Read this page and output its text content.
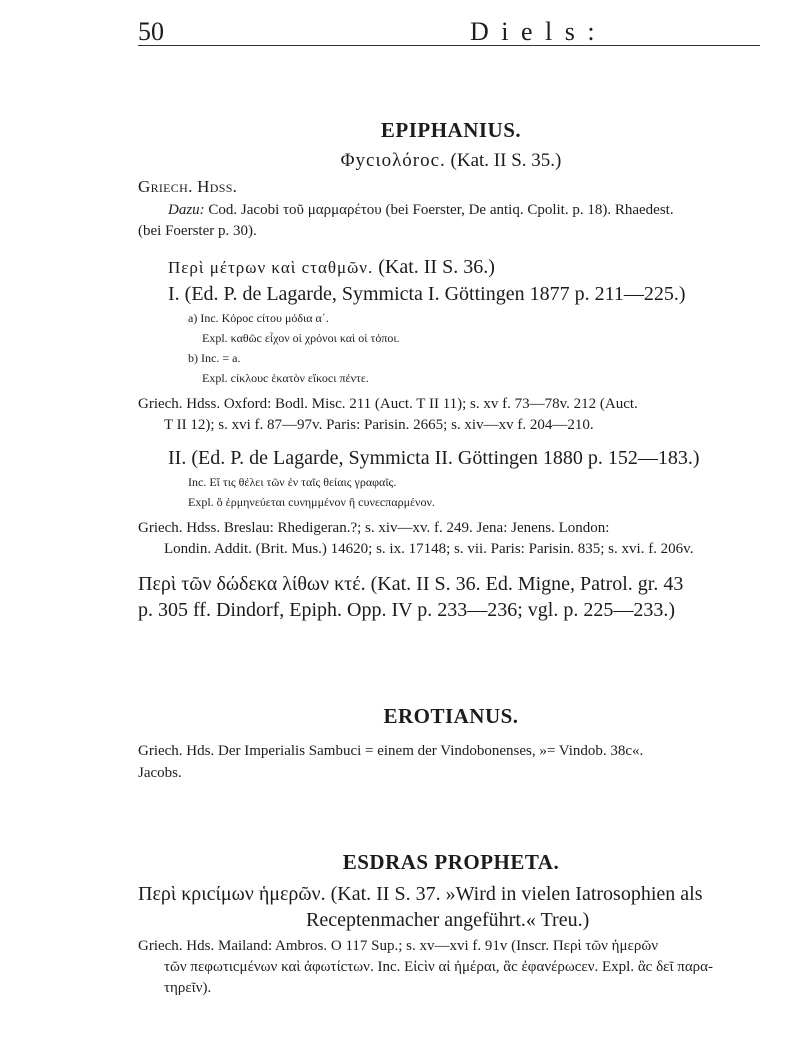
50	D i e l s :
EPIPHANIUS.
Φycιολόroc. (Kat. II S. 35.)
Griech. Hdss.
Dazu: Cod. Jacobi τοῦ μαρμαρέτου (bei Foerster, De antiq. Cpolit. p. 18). Rhaedest.
(bei Foerster p. 30).
Περὶ μέτρων καὶ cταθμῶν. (Kat. II S. 36.)
I. (Ed. P. de Lagarde, Symmicta I. Göttingen 1877 p. 211—225.)
a) Inc. Κόροc cίτου μόδια α΄.
Expl. καθῶc εἶχον οἱ χρόνοι καὶ οἱ τόποι.
b) Inc. = a.
Expl. cίκλουc ἑκατὸν εἴκοcι πέντε.
Griech. Hdss. Oxford: Bodl. Misc. 211 (Auct. T II 11); s. xv f. 73—78v. 212 (Auct.
T II 12); s. xvi f. 87—97v. Paris: Parisin. 2665; s. xiv—xv f. 204—210.
II. (Ed. P. de Lagarde, Symmicta II. Göttingen 1880 p. 152—183.)
Inc. Εἴ τις θέλει τῶν ἐν ταῖς θείαις γραφαῖς.
Expl. ὃ ἑρμηνεύεται cυνημμένον ἢ cυνεcπαρμένον.
Griech. Hdss. Breslau: Rhedigeran.?; s. xiv—xv. f. 249. Jena: Jenens. London:
Londin. Addit. (Brit. Mus.) 14620; s. ix. 17148; s. vii. Paris: Parisin. 835; s. xvi. f. 206v.
Περὶ τῶν δώδεκα λίθων κτέ. (Kat. II S. 36. Ed. Migne, Patrol. gr. 43
p. 305 ff. Dindorf, Epiph. Opp. IV p. 233—236; vgl. p. 225—233.)
EROTIANUS.
Griech. Hds. Der Imperialis Sambuci = einem der Vindobonenses, »= Vindob. 38c«.
Jacobs.
ESDRAS PROPHETA.
Περὶ κριcίμων ἡμερῶν. (Kat. II S. 37. »Wird in vielen Iatrosophien als
Receptenmacher angeführt.« Treu.)
Griech. Hds. Mailand: Ambros. O 117 Sup.; s. xv—xvi f. 91v (Inscr. Περὶ τῶν ἡμερῶν
τῶν πεφωτιcμένων καὶ ἀφωτίcτων. Inc. Εἰcὶν αἱ ἡμέραι, ἃc ἐφανέρωcεν. Expl. ἃc δεῖ παρα-
τηρεῖν).
